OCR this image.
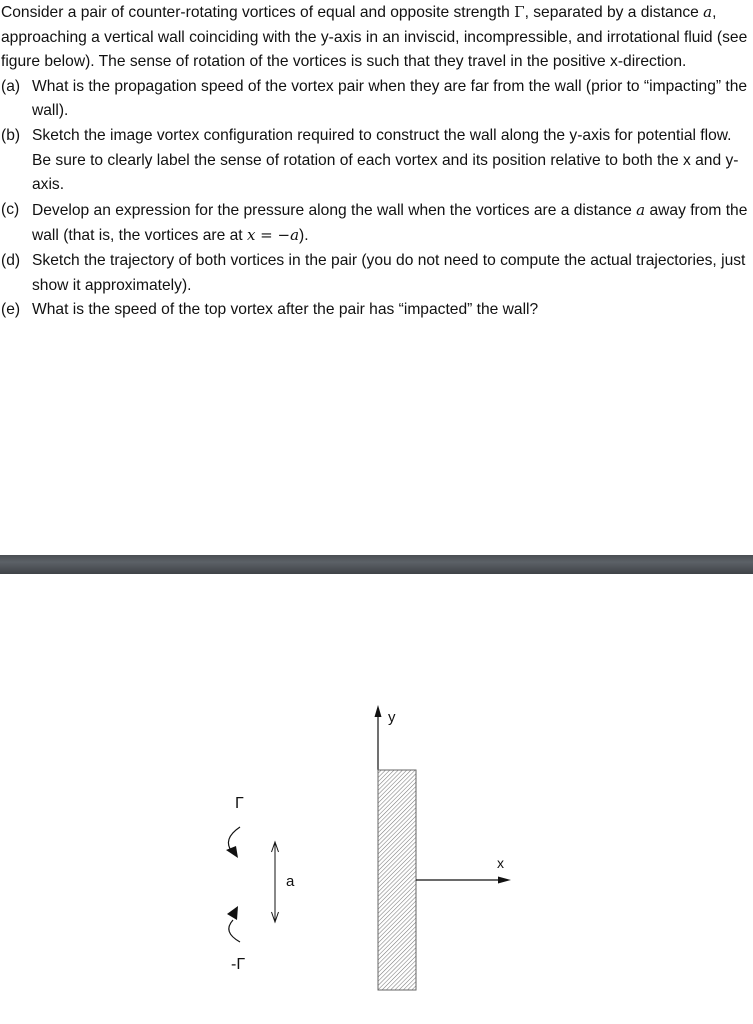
Consider a pair of counter-rotating vortices of equal and opposite strength Γ, separated by a distance a, approaching a vertical wall coinciding with the y-axis in an inviscid, incompressible, and irrotational fluid (see figure below). The sense of rotation of the vortices is such that they travel in the positive x-direction.

(a) What is the propagation speed of the vortex pair when they are far from the wall (prior to “impacting” the wall).
(b) Sketch the image vortex configuration required to construct the wall along the y-axis for potential flow. Be sure to clearly label the sense of rotation of each vortex and its position relative to both the x and y-axis.
(c) Develop an expression for the pressure along the wall when the vortices are a distance a away from the wall (that is, the vortices are at x = −a).
(d) Sketch the trajectory of both vortices in the pair (you do not need to compute the actual trajectories, just show it approximately).
(e) What is the speed of the top vortex after the pair has “impacted” the wall?
y
x
Γ
-Γ
a
